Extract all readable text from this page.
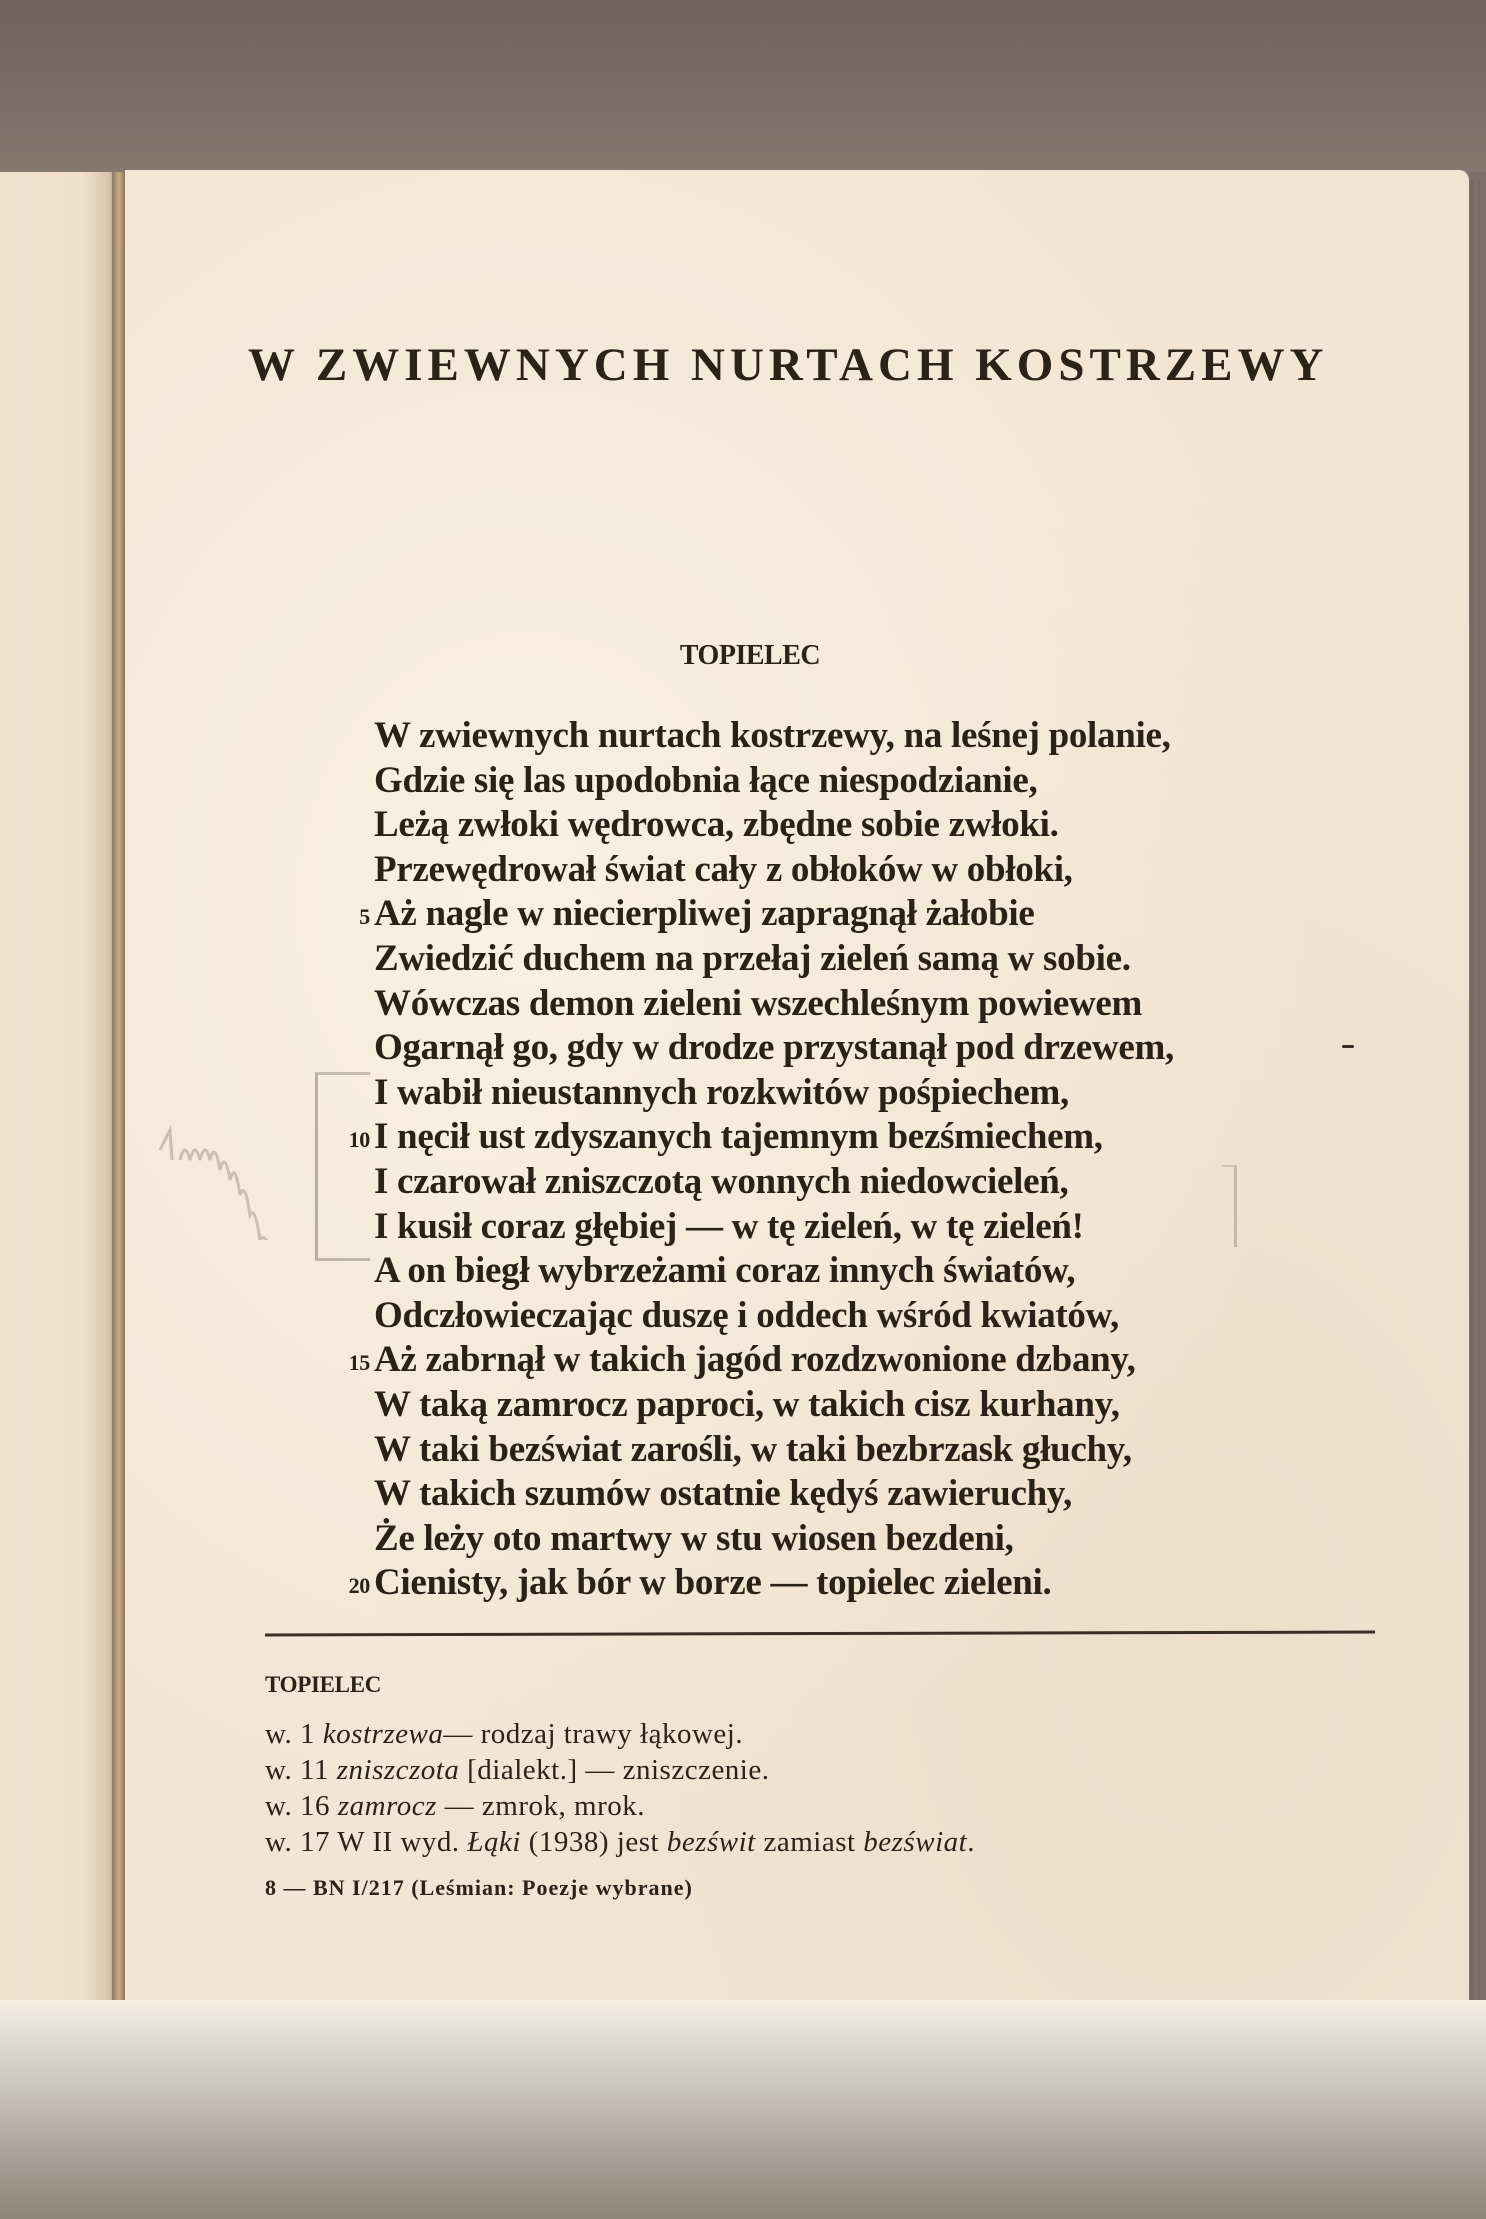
W ZWIEWNYCH NURTACH KOSTRZEWY
TOPIELEC
W zwiewnych nurtach kostrzewy, na leśnej polanie,
Gdzie się las upodobnia łące niespodzianie,
Leżą zwłoki wędrowca, zbędne sobie zwłoki.
Przewędrował świat cały z obłoków w obłoki,
5 Aż nagle w niecierpliwej zapragnął żałobie
Zwiedzić duchem na przełaj zieleń samą w sobie.
Wówczas demon zieleni wszechleśnym powiewem
Ogarnął go, gdy w drodze przystanął pod drzewem,
I wabił nieustannych rozkwitów pośpiechem,
10 I nęcił ust zdyszanych tajemnym bezśmiechem,
I czarował zniszczotą wonnych niedowcieleń,
I kusił coraz głębiej — w tę zieleń, w tę zieleń!
A on biegł wybrzeżami coraz innych światów,
Odczłowieczając duszę i oddech wśród kwiatów,
15 Aż zabrnął w takich jagód rozdzwonione dzbany,
W taką zamrocz paproci, w takich cisz kurhany,
W taki bezświat zarośli, w taki bezbrzask głuchy,
W takich szumów ostatnie kędyś zawieruchy,
Że leży oto martwy w stu wiosen bezdeni,
20 Cienisty, jak bór w borze — topielec zieleni.
TOPIELEC
w. 1 kostrzewa— rodzaj trawy łąkowej.
w. 11 zniszczota [dialekt.] — zniszczenie.
w. 16 zamrocz — zmrok, mrok.
w. 17 W II wyd. Łąki (1938) jest bezświt zamiast bezświat.
8 — BN I/217 (Leśmian: Poezje wybrane)
